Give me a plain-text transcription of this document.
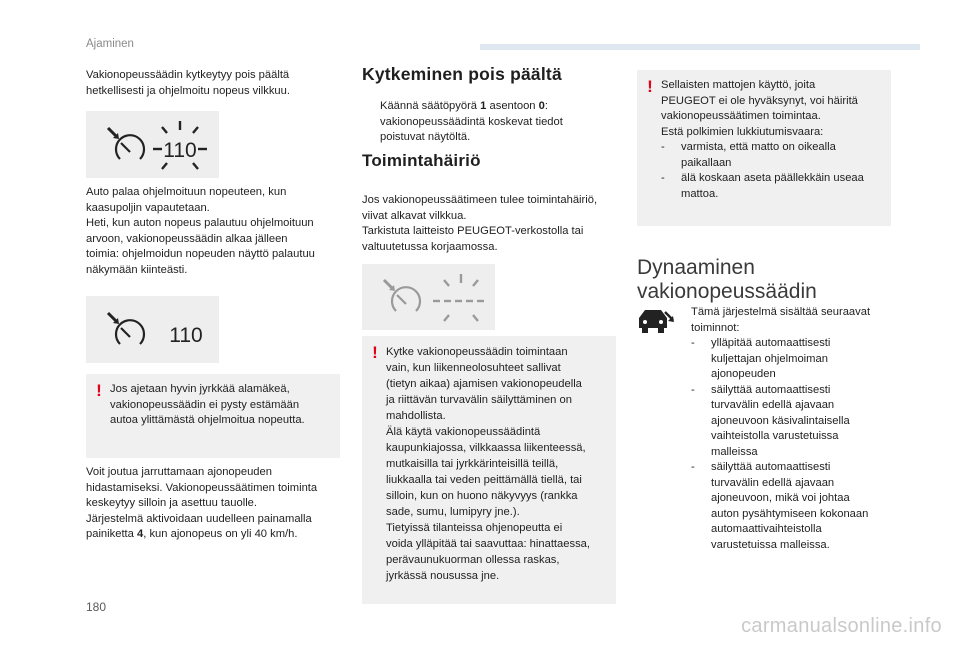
Ajaminen

Vakionopeussäädin kytkeytyy pois päältä

hetkellisesti ja ohjelmoitu nopeus vilkkuu.

110

Auto palaa ohjelmoituun nopeuteen, kun

kaasupoljin vapautetaan.

Heti, kun auton nopeus palautuu ohjelmoituun

arvoon, vakionopeussäädin alkaa jälleen

toimia: ohjelmoidun nopeuden näyttö palautuu

näkymään kiinteästi.

110
! Jos ajetaan hyvin jyrkkää alamäkeä,

vakionopeussäädin ei pysty estämään

autoa ylittämästä ohjelmoitua nopeutta.

Voit joutua jarruttamaan ajonopeuden

hidastamiseksi. Vakionopeussäätimen toiminta

keskeytyy silloin ja asettuu tauolle.

Järjestelmä aktivoidaan uudelleen painamalla

painiketta 4, kun ajonopeus on yli 40 km/h.

Kytkeminen pois päältä

Käännä säätöpyörä 1 asentoon 0:

vakionopeussäädintä koskevat tiedot

poistuvat näytöltä.

Toimintahäiriö

Jos vakionopeussäätimeen tulee toimintahäiriö,

viivat alkavat vilkkua.

Tarkistuta laitteisto PEUGEOT-verkostolla tai

valtuutetussa korjaamossa.

! Kytke vakionopeussäädin toimintaan

vain, kun liikenneolosuhteet sallivat

(tietyn aikaa) ajamisen vakionopeudella

ja riittävän turvavälin säilyttäminen on

mahdollista.

Älä käytä vakionopeussäädintä

kaupunkiajossa, vilkkaassa liikenteessä,

mutkaisilla tai jyrkkärinteisillä teillä,

liukkaalla tai veden peittämällä tiellä, tai

silloin, kun on huono näkyvyys (rankka

sade, sumu, lumipyry jne.).

Tietyissä tilanteissa ohjenopeutta ei

voida ylläpitää tai saavuttaa: hinattaessa,

perävaunukuorman ollessa raskas,

jyrkässä nousussa jne.

! Sellaisten mattojen käyttö, joita

PEUGEOT ei ole hyväksynyt, voi häiritä

vakionopeussäätimen toimintaa.

Estä polkimien lukkiutumisvaara:

- varmista, että matto on oikealla

paikallaan

- älä koskaan aseta päällekkäin useaa

mattoa.

Dynaaminen

vakionopeussäädin

Tämä järjestelmä sisältää seuraavat

toiminnot:

- ylläpitää automaattisesti

kuljettajan ohjelmoiman

ajonopeuden

- säilyttää automaattisesti

turvavälin edellä ajavaan

ajoneuvoon käsivalintaisella

vaihteistolla varustetuissa

malleissa

- säilyttää automaattisesti

turvavälin edellä ajavaan

ajoneuvoon, mikä voi johtaa

auton pysähtymiseen kokonaan

automaattivaihteistolla

varustetuissa malleissa.

180
carmanualsonline.info
